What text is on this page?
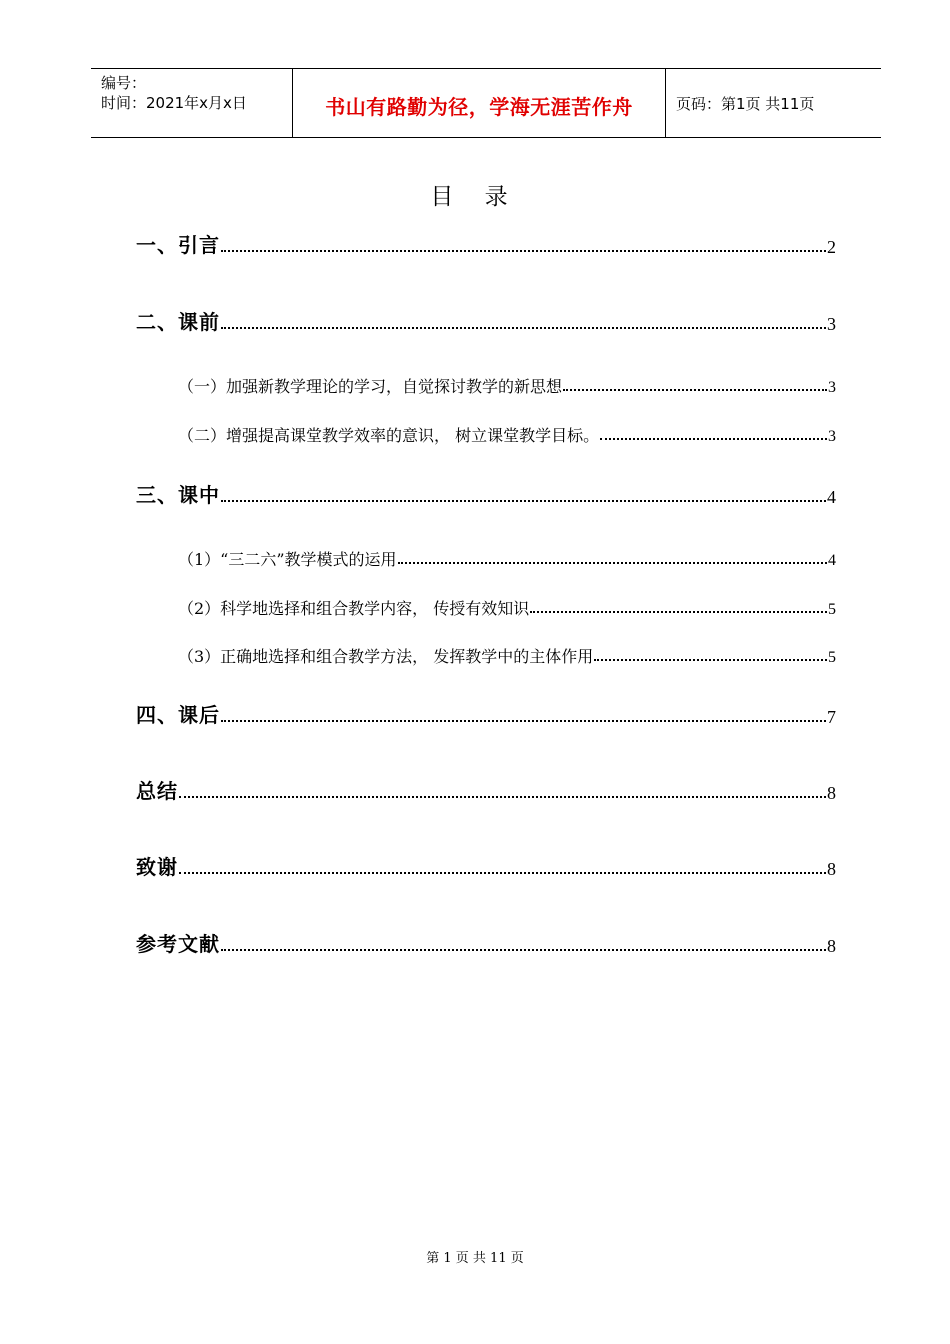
编号：
时间：2021年x月x日	书山有路勤为径，学海无涯苦作舟	页码：第1页 共11页
目 录
一、引言	2
二、课前	3
（一）加强新教学理论的学习，自觉探讨教学的新思想	3
（二）增强提高课堂教学效率的意识， 树立课堂教学目标。	3
三、课中	4
（1）“三二六”教学模式的运用	4
（2）科学地选择和组合教学内容， 传授有效知识	5
（3）正确地选择和组合教学方法， 发挥教学中的主体作用	5
四、课后	7
总结	8
致谢	8
参考文献	8
第 1 页 共 11 页
